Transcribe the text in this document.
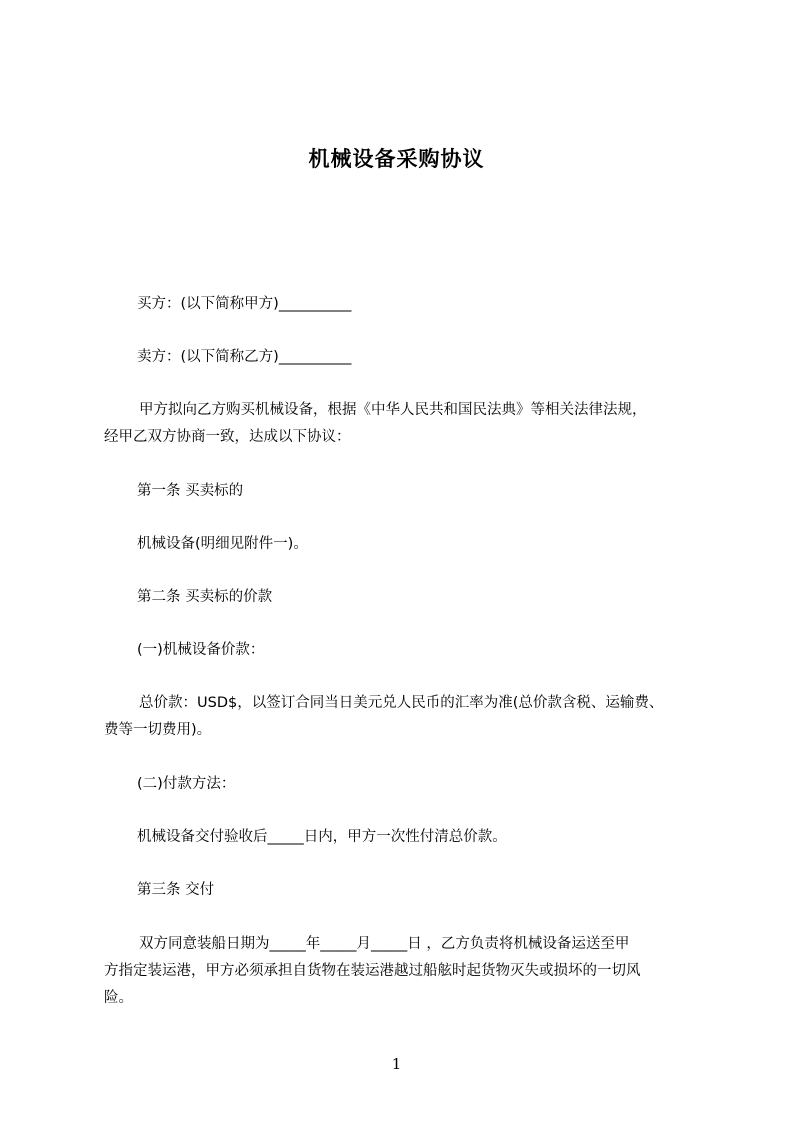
机械设备采购协议
买方：(以下简称甲方)__________
卖方：(以下简称乙方)__________
甲方拟向乙方购买机械设备，根据《中华人民共和国民法典》等相关法律法规，
经甲乙双方协商一致，达成以下协议：
第一条 买卖标的
机械设备(明细见附件一)。
第二条 买卖标的价款
(一)机械设备价款：
总价款：USD$，以签订合同当日美元兑人民币的汇率为准(总价款含税、运输费、
费等一切费用)。
(二)付款方法：
机械设备交付验收后_____日内，甲方一次性付清总价款。
第三条 交付
双方同意装船日期为_____年_____月_____日 ，乙方负责将机械设备运送至甲
方指定装运港，甲方必须承担自货物在装运港越过船舷时起货物灭失或损坏的一切风
险。
1
